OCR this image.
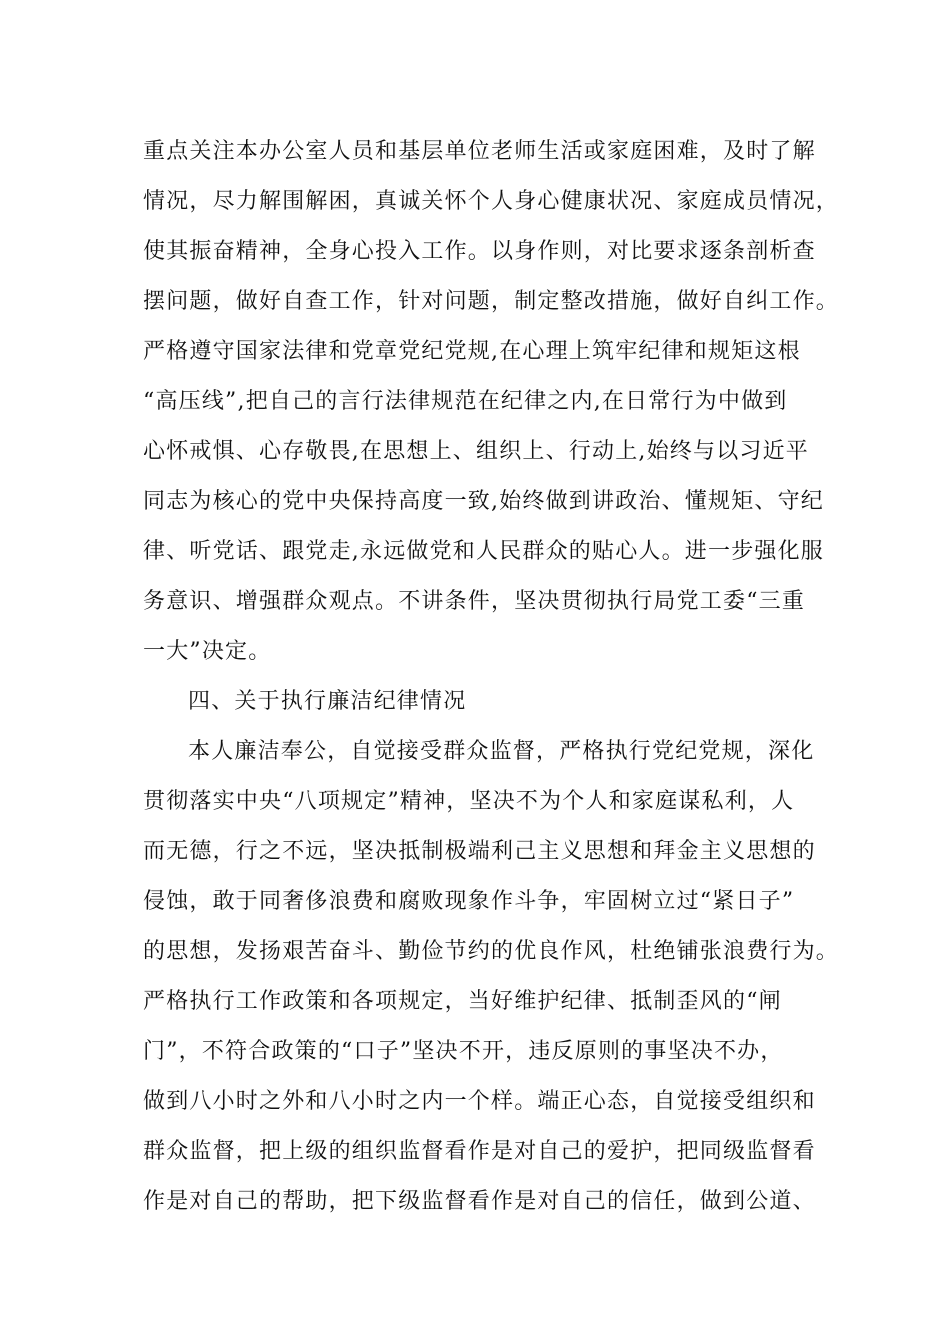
重点关注本办公室人员和基层单位老师生活或家庭困难，及时了解
情况，尽力解围解困，真诚关怀个人身心健康状况、家庭成员情况，
使其振奋精神，全身心投入工作。以身作则，对比要求逐条剖析查
摆问题，做好自查工作，针对问题，制定整改措施，做好自纠工作。
严格遵守国家法律和党章党纪党规,在心理上筑牢纪律和规矩这根
“高压线”,把自己的言行法律规范在纪律之内,在日常行为中做到
心怀戒惧、心存敬畏,在思想上、组织上、行动上,始终与以习近平
同志为核心的党中央保持高度一致,始终做到讲政治、懂规矩、守纪
律、听党话、跟党走,永远做党和人民群众的贴心人。进一步强化服
务意识、增强群众观点。不讲条件，坚决贯彻执行局党工委“三重
一大”决定。
四、关于执行廉洁纪律情况
本人廉洁奉公，自觉接受群众监督，严格执行党纪党规，深化
贯彻落实中央“八项规定”精神，坚决不为个人和家庭谋私利，人
而无德，行之不远，坚决抵制极端利己主义思想和拜金主义思想的
侵蚀，敢于同奢侈浪费和腐败现象作斗争，牢固树立过“紧日子”
的思想，发扬艰苦奋斗、勤俭节约的优良作风，杜绝铺张浪费行为。
严格执行工作政策和各项规定，当好维护纪律、抵制歪风的“闸
门”，不符合政策的“口子”坚决不开，违反原则的事坚决不办，
做到八小时之外和八小时之内一个样。端正心态，自觉接受组织和
群众监督，把上级的组织监督看作是对自己的爱护，把同级监督看
作是对自己的帮助，把下级监督看作是对自己的信任，做到公道、
